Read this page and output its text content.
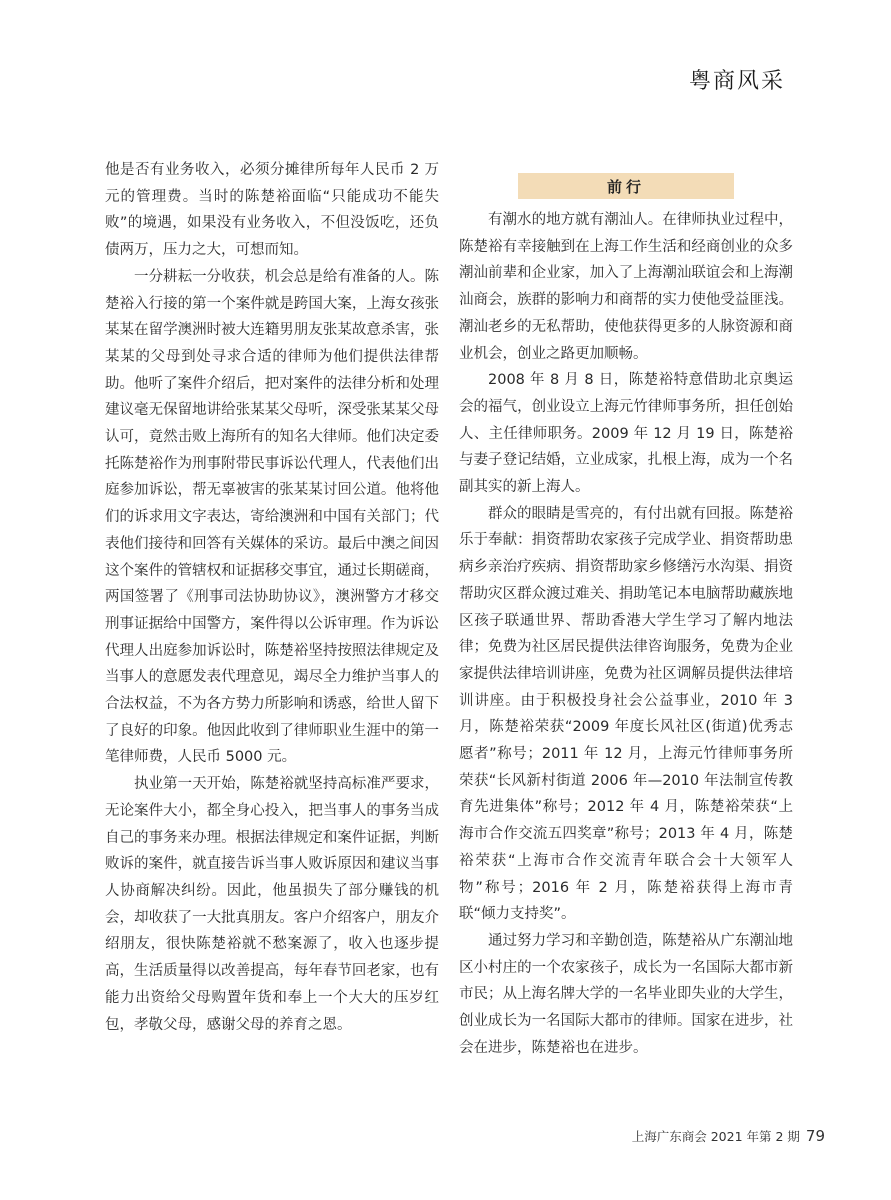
粤商风采

他是否有业务收入，必须分摊律所每年人民币 2 万元的管理费。当时的陈楚裕面临“只能成功不能失败”的境遇，如果没有业务收入，不但没饭吃，还负债两万，压力之大，可想而知。

一分耕耘一分收获，机会总是给有准备的人。陈楚裕入行接的第一个案件就是跨国大案，上海女孩张某某在留学澳洲时被大连籍男朋友张某故意杀害，张某某的父母到处寻求合适的律师为他们提供法律帮助。他听了案件介绍后，把对案件的法律分析和处理建议毫无保留地讲给张某某父母听，深受张某某父母认可，竟然击败上海所有的知名大律师。他们决定委托陈楚裕作为刑事附带民事诉讼代理人，代表他们出庭参加诉讼，帮无辜被害的张某某讨回公道。他将他们的诉求用文字表达，寄给澳洲和中国有关部门；代表他们接待和回答有关媒体的采访。最后中澳之间因这个案件的管辖权和证据移交事宜，通过长期磋商，两国签署了《刑事司法协助协议》，澳洲警方才移交刑事证据给中国警方，案件得以公诉审理。作为诉讼代理人出庭参加诉讼时，陈楚裕坚持按照法律规定及当事人的意愿发表代理意见，竭尽全力维护当事人的合法权益，不为各方势力所影响和诱惑，给世人留下了良好的印象。他因此收到了律师职业生涯中的第一笔律师费，人民币 5000 元。

执业第一天开始，陈楚裕就坚持高标准严要求，无论案件大小，都全身心投入，把当事人的事务当成自己的事务来办理。根据法律规定和案件证据，判断败诉的案件，就直接告诉当事人败诉原因和建议当事人协商解决纠纷。因此，他虽损失了部分赚钱的机会，却收获了一大批真朋友。客户介绍客户，朋友介绍朋友，很快陈楚裕就不愁案源了，收入也逐步提高，生活质量得以改善提高，每年春节回老家，也有能力出资给父母购置年货和奉上一个大大的压岁红包，孝敬父母，感谢父母的养育之恩。

前行

有潮水的地方就有潮汕人。在律师执业过程中，陈楚裕有幸接触到在上海工作生活和经商创业的众多潮汕前辈和企业家，加入了上海潮汕联谊会和上海潮汕商会，族群的影响力和商帮的实力使他受益匪浅。潮汕老乡的无私帮助，使他获得更多的人脉资源和商业机会，创业之路更加顺畅。

2008 年 8 月 8 日，陈楚裕特意借助北京奥运会的福气，创业设立上海元竹律师事务所，担任创始人、主任律师职务。2009 年 12 月 19 日，陈楚裕与妻子登记结婚，立业成家，扎根上海，成为一个名副其实的新上海人。

群众的眼睛是雪亮的，有付出就有回报。陈楚裕乐于奉献：捐资帮助农家孩子完成学业、捐资帮助患病乡亲治疗疾病、捐资帮助家乡修缮污水沟渠、捐资帮助灾区群众渡过难关、捐助笔记本电脑帮助藏族地区孩子联通世界、帮助香港大学生学习了解内地法律；免费为社区居民提供法律咨询服务，免费为企业家提供法律培训讲座，免费为社区调解员提供法律培训讲座。由于积极投身社会公益事业，2010 年 3 月，陈楚裕荣获“2009 年度长风社区(街道)优秀志愿者”称号；2011 年 12 月，上海元竹律师事务所荣获“长风新村街道 2006 年—2010 年法制宣传教育先进集体”称号；2012 年 4 月，陈楚裕荣获“上海市合作交流五四奖章”称号；2013 年 4 月，陈楚裕荣获“上海市合作交流青年联合会十大领军人物”称号；2016 年 2 月，陈楚裕获得上海市青联“倾力支持奖”。

通过努力学习和辛勤创造，陈楚裕从广东潮汕地区小村庄的一个农家孩子，成长为一名国际大都市新市民；从上海名牌大学的一名毕业即失业的大学生，创业成长为一名国际大都市的律师。国家在进步，社会在进步，陈楚裕也在进步。

上海广东商会 2021 年第 2 期 79
